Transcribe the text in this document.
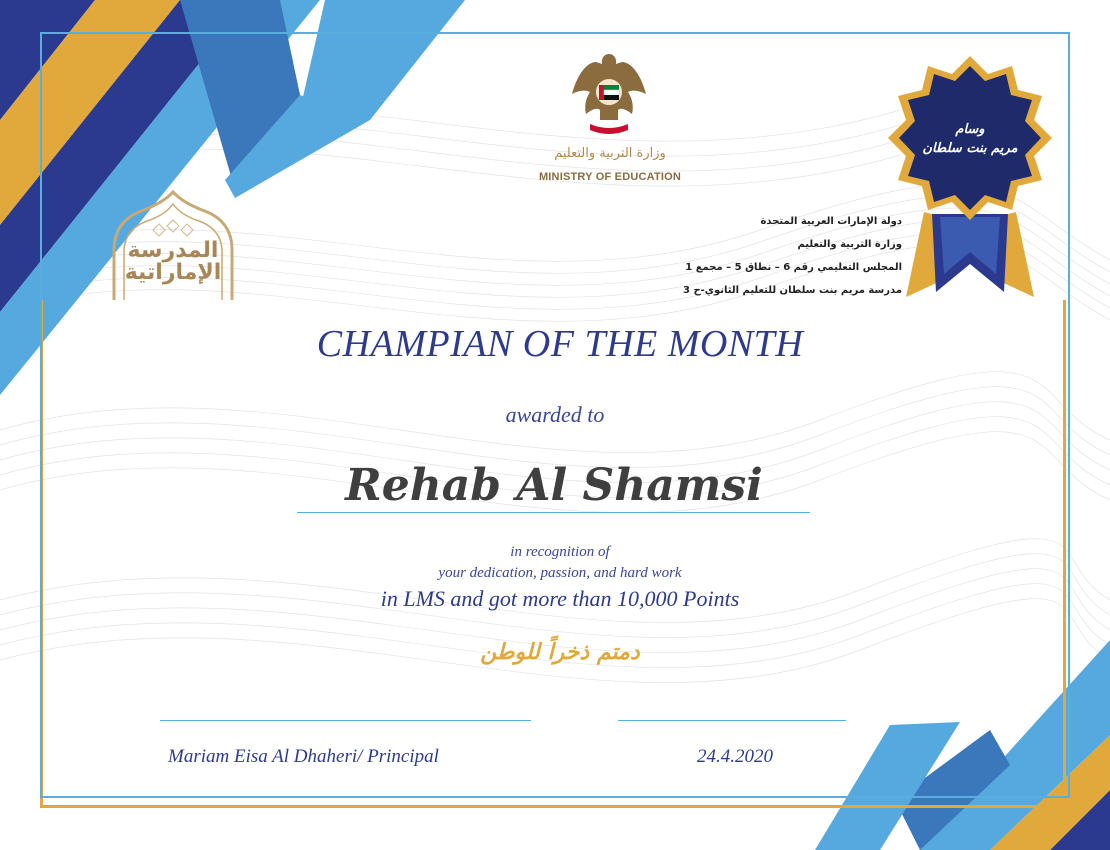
وزارة التربية والتعليم
MINISTRY OF EDUCATION
المدرسة
الإماراتية
دولة الإمارات العربية المتحدة
وزارة التربية والتعليم
المجلس التعليمي رقم 6 – نطاق 5 – مجمع 1
مدرسة مريم بنت سلطان للتعليم الثانوي-ح 3
وسام
مريم بنت سلطان
CHAMPIAN OF THE MONTH
awarded to
Rehab Al Shamsi
in recognition of
your dedication, passion, and hard work
in LMS and got more than 10,000 Points
دمتم ذخراً للوطن
Mariam Eisa Al Dhaheri/ Principal	24.4.2020
